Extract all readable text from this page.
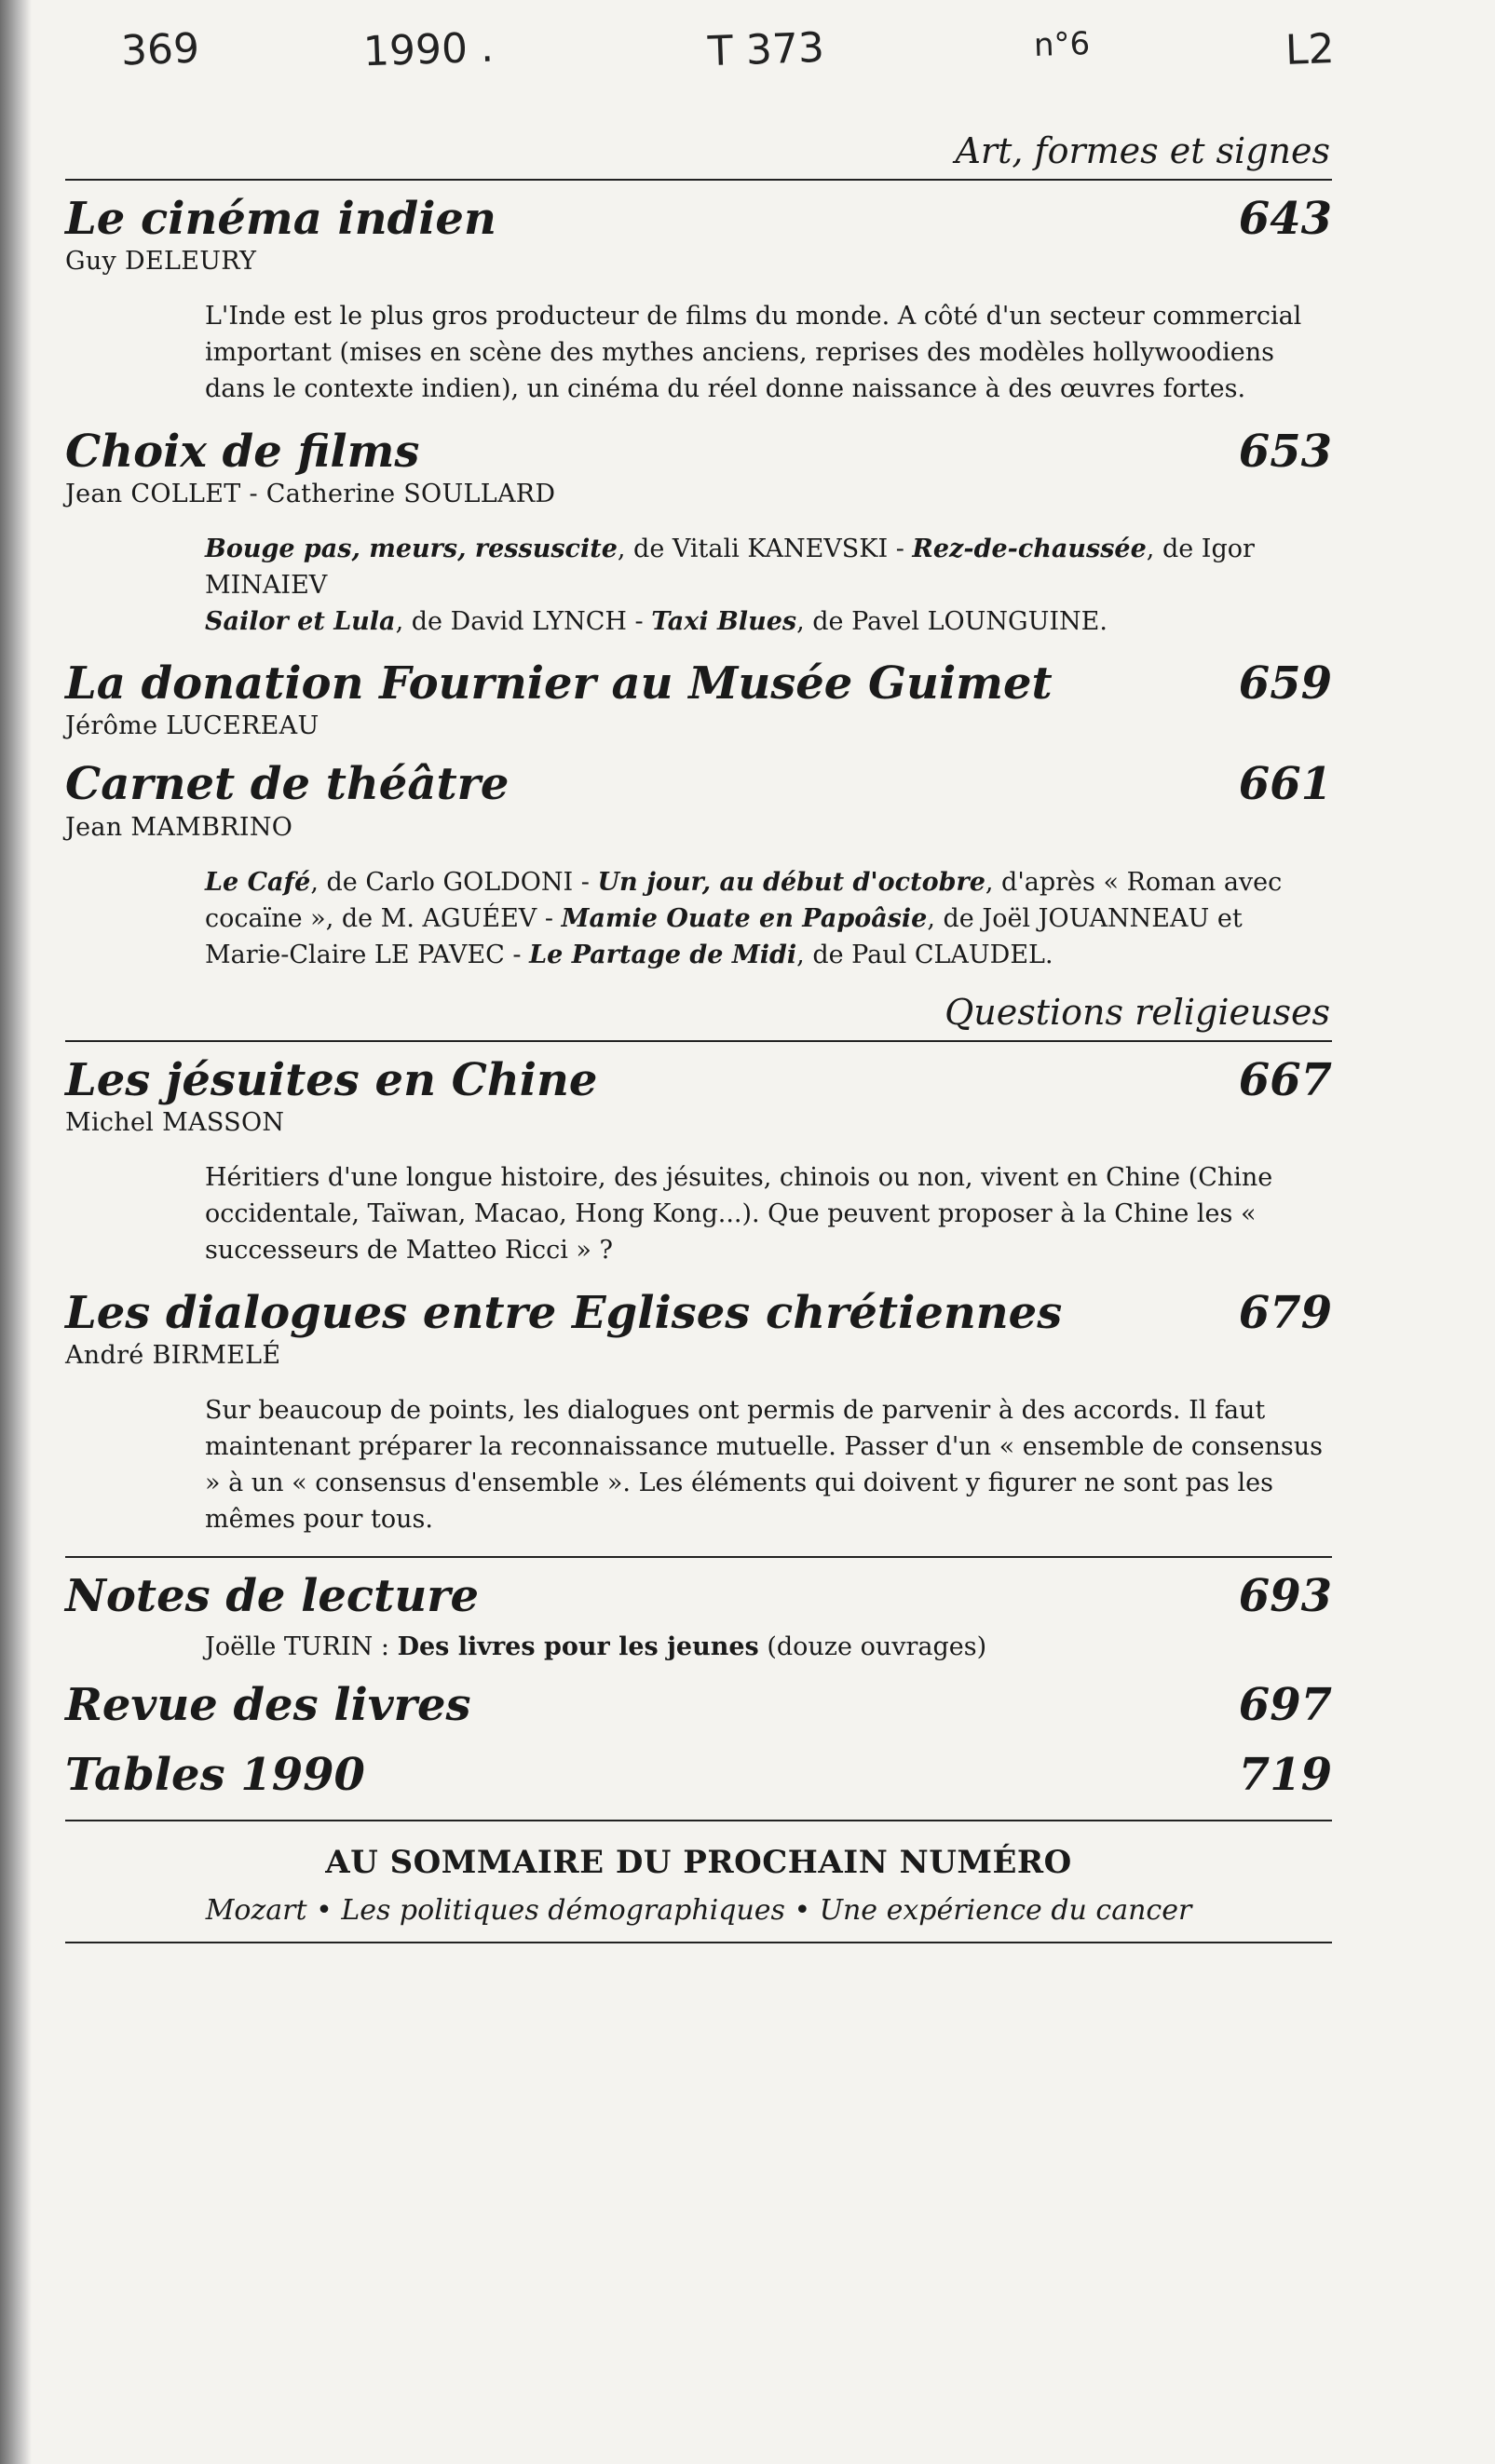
369	1990 .	T 373	n°6	L2
Art, formes et signes
Le cinéma indien	643
Guy DELEURY
L'Inde est le plus gros producteur de films du monde. A côté d'un secteur commercial important (mises en scène des mythes anciens, reprises des modèles hollywoodiens dans le contexte indien), un cinéma du réel donne naissance à des œuvres fortes.
Choix de films	653
Jean COLLET - Catherine SOULLARD
Bouge pas, meurs, ressuscite, de Vitali KANEVSKI - Rez-de-chaussée, de Igor MINAIEV
Sailor et Lula, de David LYNCH - Taxi Blues, de Pavel LOUNGUINE.
La donation Fournier au Musée Guimet	659
Jérôme LUCEREAU
Carnet de théâtre	661
Jean MAMBRINO
Le Café, de Carlo GOLDONI - Un jour, au début d'octobre, d'après « Roman avec cocaïne », de M. AGUÉEV - Mamie Ouate en Papoâsie, de Joël JOUANNEAU et Marie-Claire LE PAVEC - Le Partage de Midi, de Paul CLAUDEL.
Questions religieuses
Les jésuites en Chine	667
Michel MASSON
Héritiers d'une longue histoire, des jésuites, chinois ou non, vivent en Chine (Chine occidentale, Taïwan, Macao, Hong Kong...). Que peuvent proposer à la Chine les « successeurs de Matteo Ricci » ?
Les dialogues entre Eglises chrétiennes	679
André BIRMELÉ
Sur beaucoup de points, les dialogues ont permis de parvenir à des accords. Il faut maintenant préparer la reconnaissance mutuelle. Passer d'un « ensemble de consensus » à un « consensus d'ensemble ». Les éléments qui doivent y figurer ne sont pas les mêmes pour tous.
Notes de lecture	693
Joëlle TURIN : Des livres pour les jeunes (douze ouvrages)
Revue des livres	697
Tables 1990	719
AU SOMMAIRE DU PROCHAIN NUMÉRO
Mozart • Les politiques démographiques • Une expérience du cancer
